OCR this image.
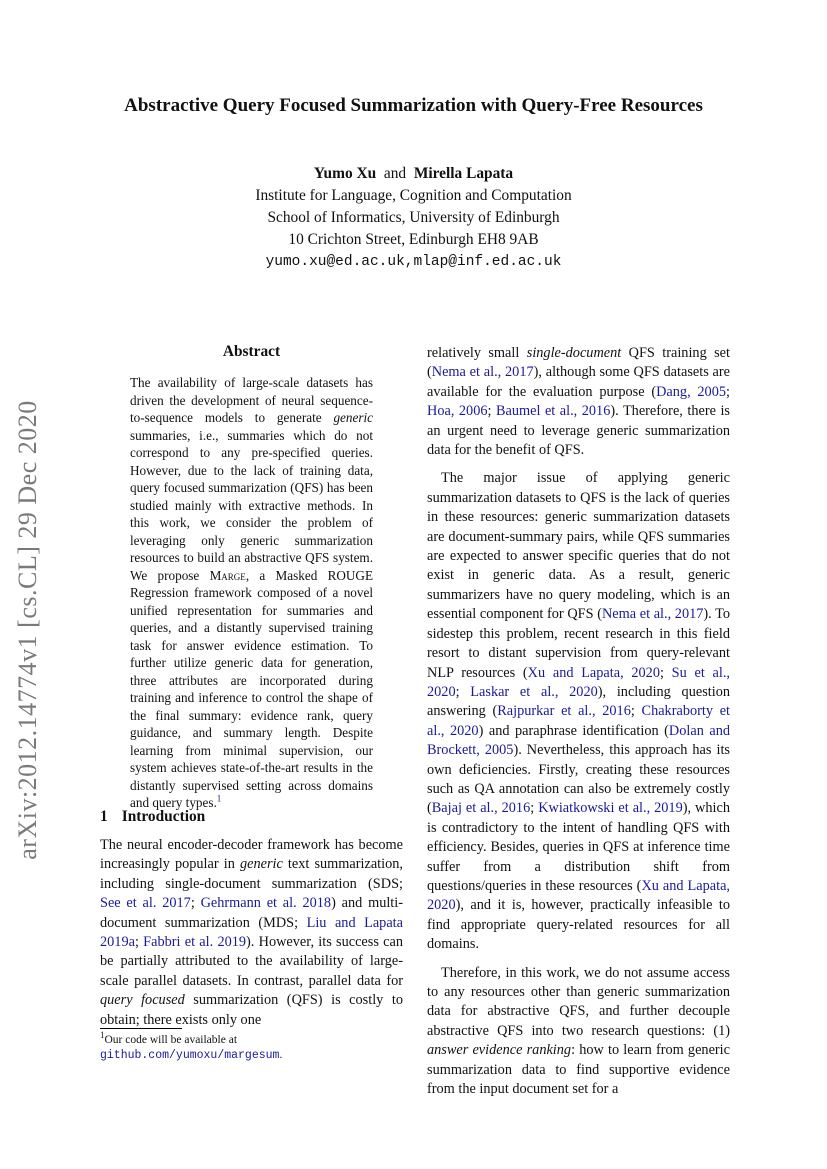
Abstractive Query Focused Summarization with Query-Free Resources
Yumo Xu and Mirella Lapata
Institute for Language, Cognition and Computation
School of Informatics, University of Edinburgh
10 Crichton Street, Edinburgh EH8 9AB
yumo.xu@ed.ac.uk,mlap@inf.ed.ac.uk
arXiv:2012.14774v1 [cs.CL] 29 Dec 2020
Abstract
The availability of large-scale datasets has driven the development of neural sequence-to-sequence models to generate generic summaries, i.e., summaries which do not correspond to any pre-specified queries. However, due to the lack of training data, query focused summarization (QFS) has been studied mainly with extractive methods. In this work, we consider the problem of leveraging only generic summarization resources to build an abstractive QFS system. We propose Marge, a Masked ROUGE Regression framework composed of a novel unified representation for summaries and queries, and a distantly supervised training task for answer evidence estimation. To further utilize generic data for generation, three attributes are incorporated during training and inference to control the shape of the final summary: evidence rank, query guidance, and summary length. Despite learning from minimal supervision, our system achieves state-of-the-art results in the distantly supervised setting across domains and query types.$^1$
1 Introduction
The neural encoder-decoder framework has become increasingly popular in generic text summarization, including single-document summarization (SDS; See et al. 2017; Gehrmann et al. 2018) and multi-document summarization (MDS; Liu and Lapata 2019a; Fabbri et al. 2019). However, its success can be partially attributed to the availability of large-scale parallel datasets. In contrast, parallel data for query focused summarization (QFS) is costly to obtain; there exists only one
$^1$Our code will be available at github.com/yumoxu/margesum.

relatively small single-document QFS training set (Nema et al., 2017), although some QFS datasets are available for the evaluation purpose (Dang, 2005; Hoa, 2006; Baumel et al., 2016). Therefore, there is an urgent need to leverage generic summarization data for the benefit of QFS.

The major issue of applying generic summarization datasets to QFS is the lack of queries in these resources: generic summarization datasets are document-summary pairs, while QFS summaries are expected to answer specific queries that do not exist in generic data. As a result, generic summarizers have no query modeling, which is an essential component for QFS (Nema et al., 2017). To sidestep this problem, recent research in this field resort to distant supervision from query-relevant NLP resources (Xu and Lapata, 2020; Su et al., 2020; Laskar et al., 2020), including question answering (Rajpurkar et al., 2016; Chakraborty et al., 2020) and paraphrase identification (Dolan and Brockett, 2005). Nevertheless, this approach has its own deficiencies. Firstly, creating these resources such as QA annotation can also be extremely costly (Bajaj et al., 2016; Kwiatkowski et al., 2019), which is contradictory to the intent of handling QFS with efficiency. Besides, queries in QFS at inference time suffer from a distribution shift from questions/queries in these resources (Xu and Lapata, 2020), and it is, however, practically infeasible to find appropriate query-related resources for all domains.

Therefore, in this work, we do not assume access to any resources other than generic summarization data for abstractive QFS, and further decouple abstractive QFS into two research questions: (1) answer evidence ranking: how to learn from generic summarization data to find supportive evidence from the input document set for a
